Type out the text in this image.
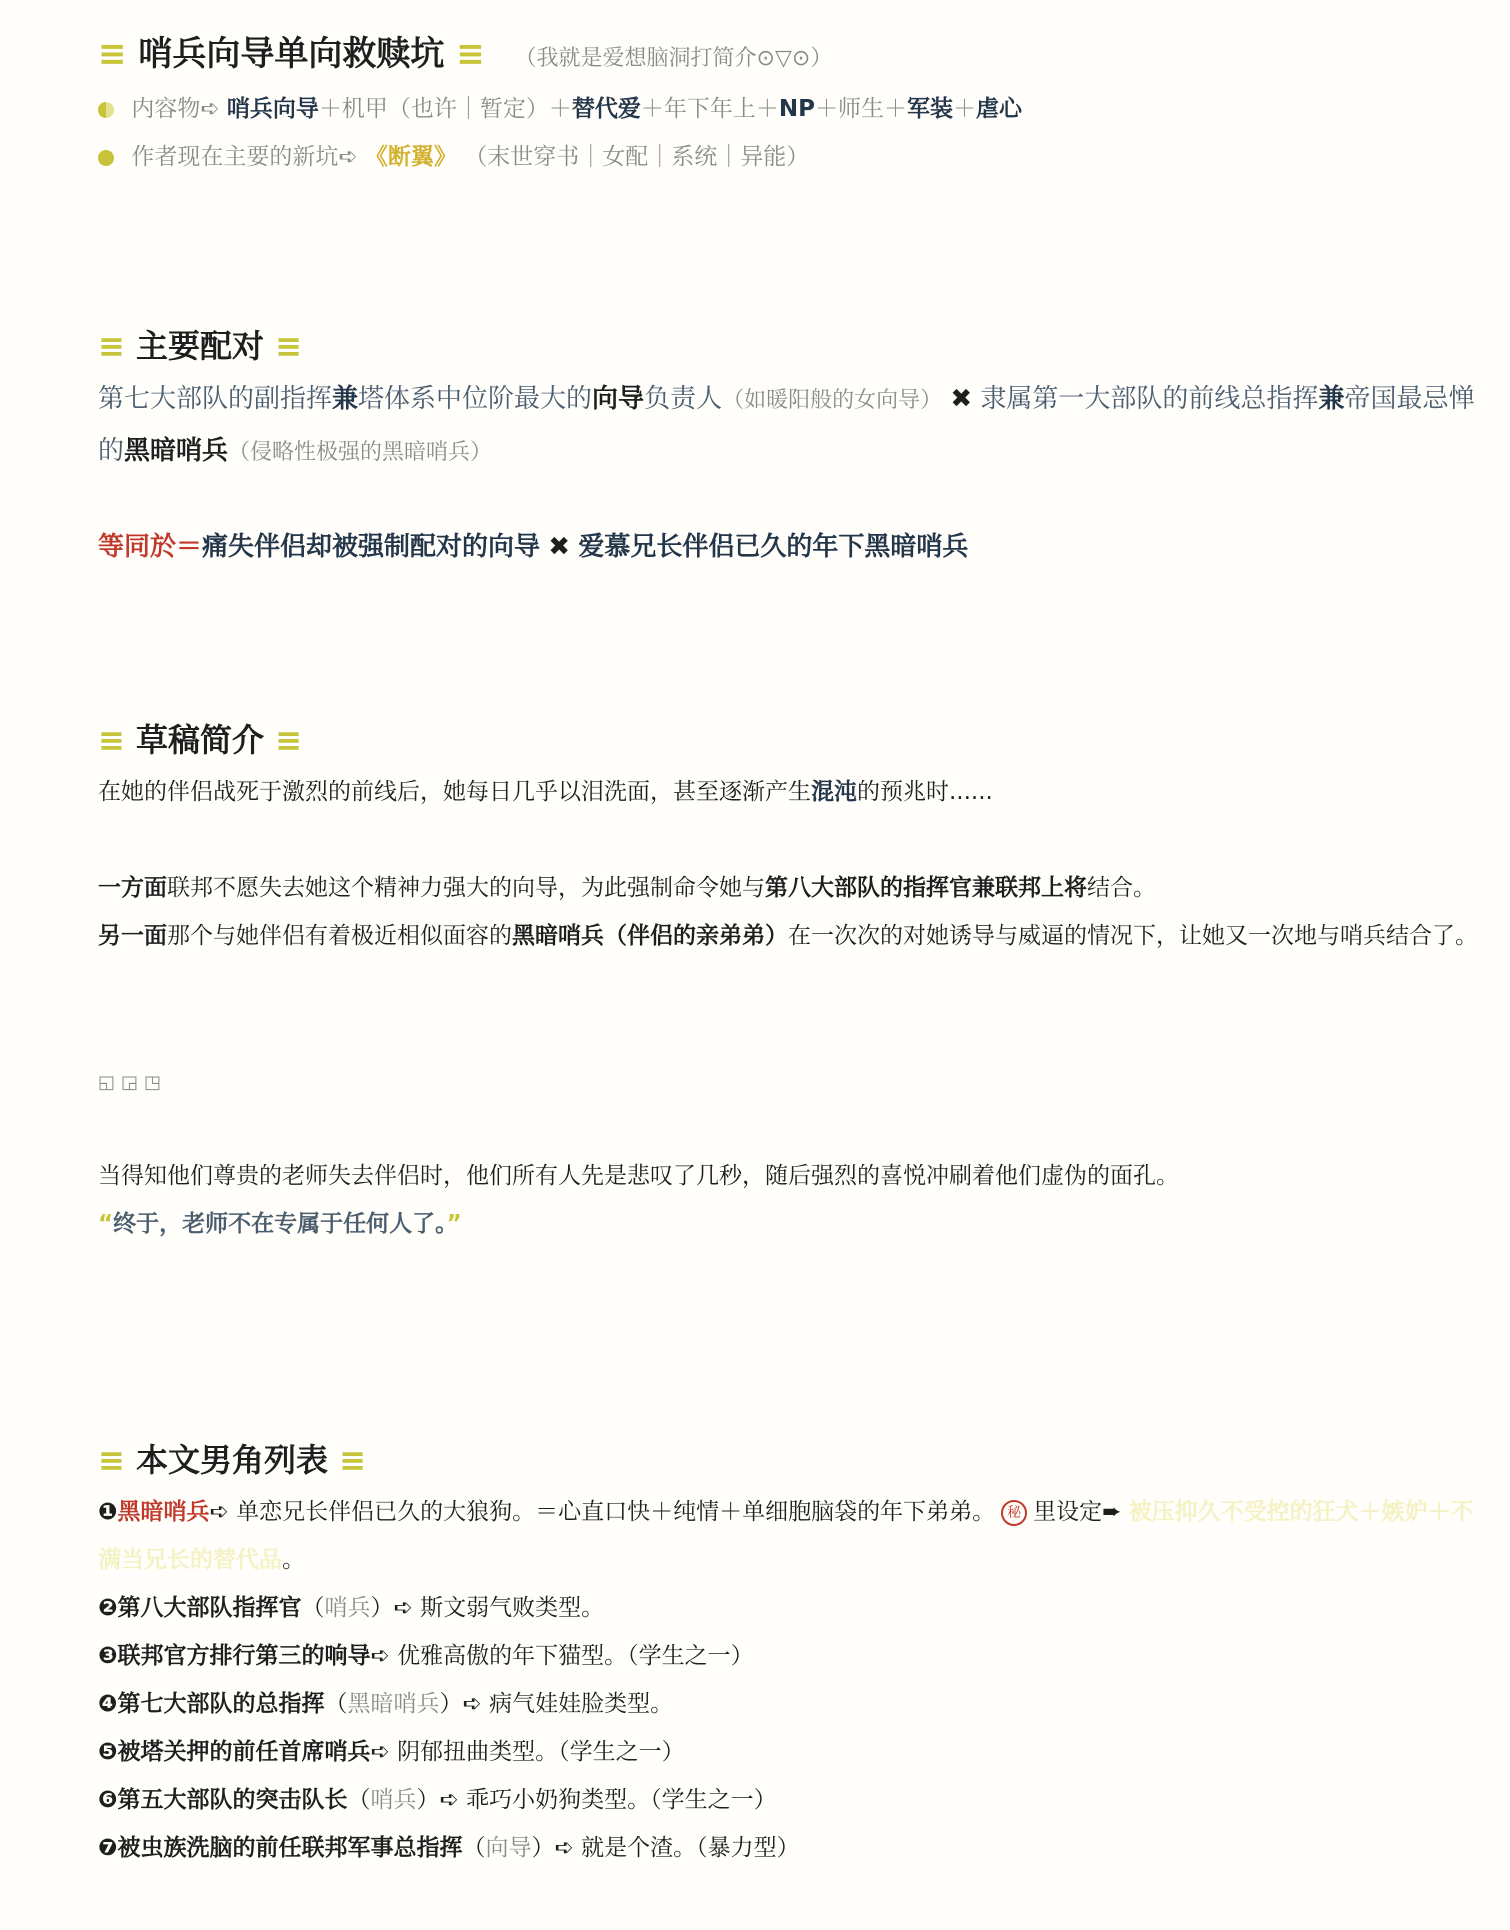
≡ 哨兵向导单向救赎坑 ≡ （我就是爱想脑洞打简介⊙▽⊙）
内容物➪ 哨兵向导＋机甲（也许｜暂定）＋替代爱＋年下年上＋NP＋师生＋军装＋虐心
作者现在主要的新坑➪ 《断翼》 （末世穿书｜女配｜系统｜异能）
≡ 主要配对 ≡
第七大部队的副指挥兼塔体系中位阶最大的向导负责人（如暖阳般的女向导） ✖ 隶属第一大部队的前线总指挥兼帝国最忌惮的黑暗哨兵（侵略性极强的黑暗哨兵）
等同於＝痛失伴侣却被强制配对的向导 ✖ 爱慕兄长伴侣已久的年下黑暗哨兵
≡ 草稿简介 ≡
在她的伴侣战死于激烈的前线后，她每日几乎以泪洗面，甚至逐渐产生混沌的预兆时......
一方面联邦不愿失去她这个精神力强大的向导，为此强制命令她与第八大部队的指挥官兼联邦上将结合。
另一面那个与她伴侣有着极近相似面容的黑暗哨兵（伴侣的亲弟弟）在一次次的对她诱导与威逼的情况下，让她又一次地与哨兵结合了。
◱◲◳
当得知他们尊贵的老师失去伴侣时，他们所有人先是悲叹了几秒，随后强烈的喜悦冲刷着他们虚伪的面孔。
“终于，老师不在专属于任何人了。”
≡ 本文男角列表 ≡
❶黑暗哨兵➪ 单恋兄长伴侣已久的大狼狗。＝心直口快＋纯情＋单细胞脑袋的年下弟弟。 秘 里设定➨ 被压抑久不受控的狂犬＋嫉妒＋不满当兄长的替代品。
❷第八大部队指挥官（哨兵）➪ 斯文弱气败类型。
❸联邦官方排行第三的响导➪ 优雅高傲的年下猫型。（学生之一）
❹第七大部队的总指挥（黑暗哨兵）➪ 病气娃娃脸类型。
❺被塔关押的前任首席哨兵➪ 阴郁扭曲类型。（学生之一）
❻第五大部队的突击队长（哨兵）➪ 乖巧小奶狗类型。（学生之一）
❼被虫族洗脑的前任联邦军事总指挥（向导）➪ 就是个渣。（暴力型）
